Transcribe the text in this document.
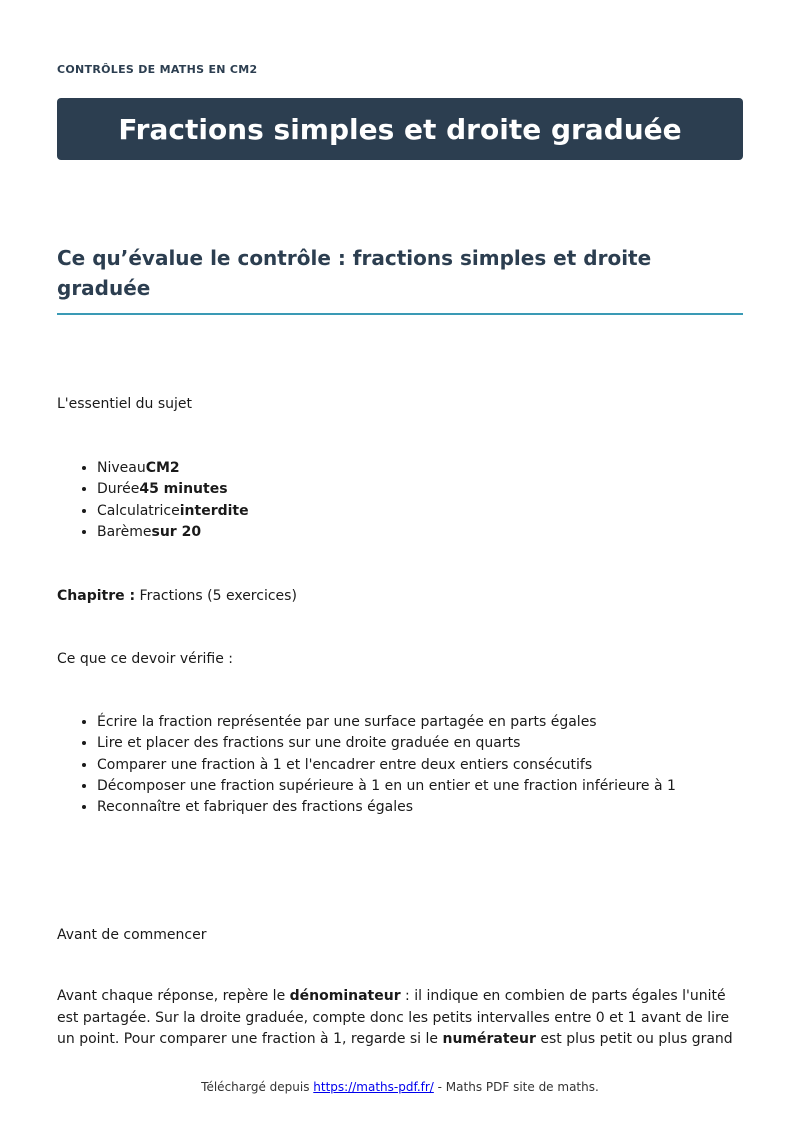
CONTRÔLES DE MATHS EN CM2
Fractions simples et droite graduée
Ce qu’évalue le contrôle : fractions simples et droite graduée

L'essentiel du sujet

• NiveauCM2
• Durée45 minutes
• Calculatriceinterdite
• Barèmesur 20

Chapitre : Fractions (5 exercices)

Ce que ce devoir vérifie :

• Écrire la fraction représentée par une surface partagée en parts égales
• Lire et placer des fractions sur une droite graduée en quarts
• Comparer une fraction à 1 et l'encadrer entre deux entiers consécutifs
• Décomposer une fraction supérieure à 1 en un entier et une fraction inférieure à 1
• Reconnaître et fabriquer des fractions égales

Avant de commencer

Avant chaque réponse, repère le dénominateur : il indique en combien de parts égales l'unité est partagée. Sur la droite graduée, compte donc les petits intervalles entre 0 et 1 avant de lire un point. Pour comparer une fraction à 1, regarde si le numérateur est plus petit ou plus grand

Téléchargé depuis https://maths-pdf.fr/ - Maths PDF site de maths.
